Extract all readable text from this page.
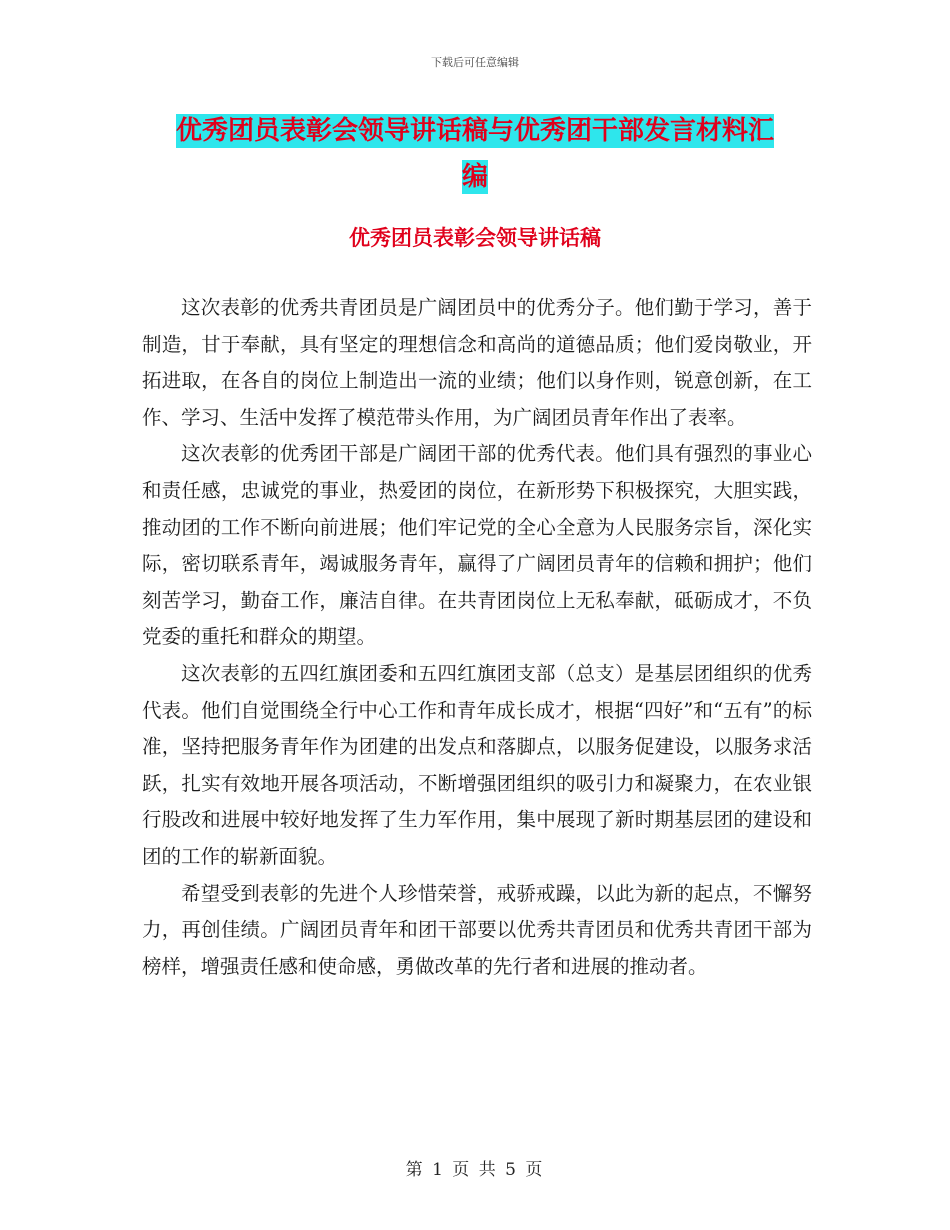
下载后可任意编辑
优秀团员表彰会领导讲话稿与优秀团干部发言材料汇
编
优秀团员表彰会领导讲话稿

这次表彰的优秀共青团员是广阔团员中的优秀分子。他们勤于学习，善于制造，甘于奉献，具有坚定的理想信念和高尚的道德品质；他们爱岗敬业，开拓进取，在各自的岗位上制造出一流的业绩；他们以身作则，锐意创新，在工作、学习、生活中发挥了模范带头作用，为广阔团员青年作出了表率。

这次表彰的优秀团干部是广阔团干部的优秀代表。他们具有强烈的事业心和责任感，忠诚党的事业，热爱团的岗位，在新形势下积极探究，大胆实践，推动团的工作不断向前进展；他们牢记党的全心全意为人民服务宗旨，深化实际，密切联系青年，竭诚服务青年，赢得了广阔团员青年的信赖和拥护；他们刻苦学习，勤奋工作，廉洁自律。在共青团岗位上无私奉献，砥砺成才，不负党委的重托和群众的期望。

这次表彰的五四红旗团委和五四红旗团支部（总支）是基层团组织的优秀代表。他们自觉围绕全行中心工作和青年成长成才，根据“四好”和“五有”的标准，坚持把服务青年作为团建的出发点和落脚点，以服务促建设，以服务求活跃，扎实有效地开展各项活动，不断增强团组织的吸引力和凝聚力，在农业银行股改和进展中较好地发挥了生力军作用，集中展现了新时期基层团的建设和团的工作的崭新面貌。

希望受到表彰的先进个人珍惜荣誉，戒骄戒躁，以此为新的起点，不懈努力，再创佳绩。广阔团员青年和团干部要以优秀共青团员和优秀共青团干部为榜样，增强责任感和使命感，勇做改革的先行者和进展的推动者。

第 1 页 共 5 页
